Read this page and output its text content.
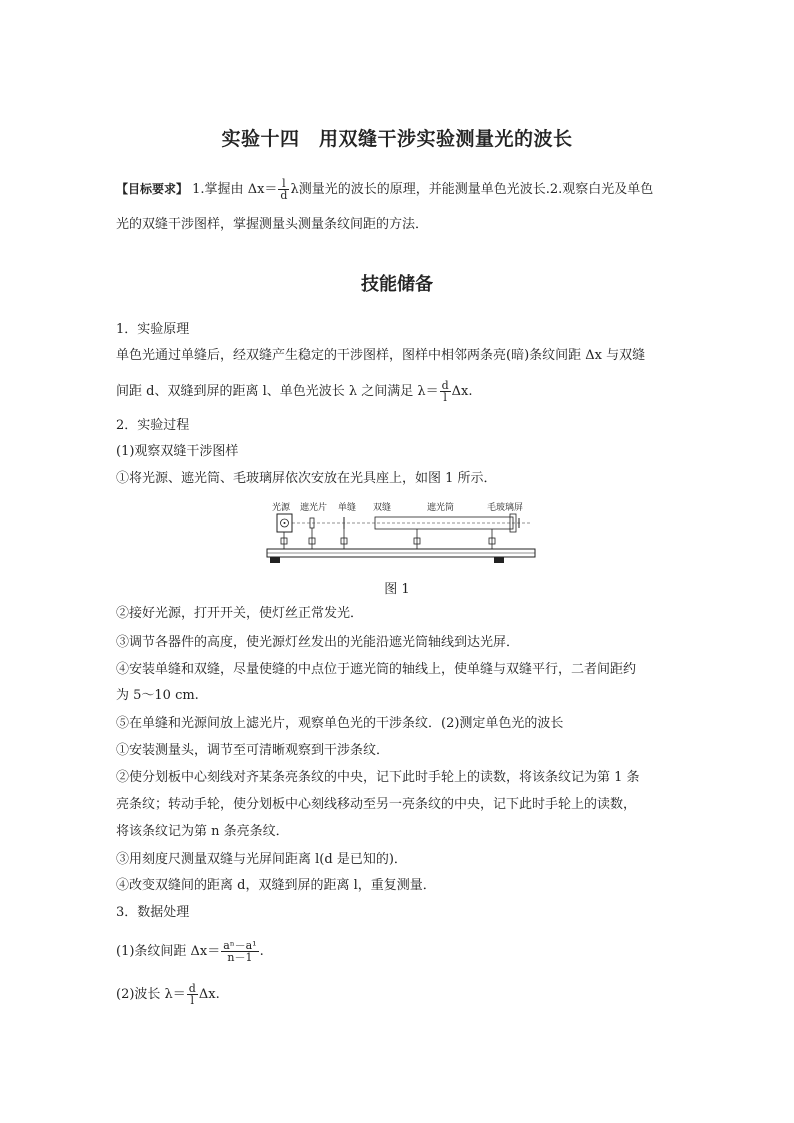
实验十四　用双缝干涉实验测量光的波长
【目标要求】 1.掌握由 $\Delta x= \frac{l}{d}$ λ测量光的波长的原理，并能测量单色光波长.2.观察白光及单色
光的双缝干涉图样，掌握测量头测量条纹间距的方法．
技能储备
1．实验原理
单色光通过单缝后，经双缝产生稳定的干涉图样，图样中相邻两条亮(暗)条纹间距 Δx 与双缝
间距 d、双缝到屏的距离 l、单色光波长 λ 之间满足 $\lambda= \frac{d}{l} \Delta x$.
2．实验过程
(1)观察双缝干涉图样
①将光源、遮光筒、毛玻璃屏依次安放在光具座上，如图 1 所示．
光源 遮光片 单缝 双缝	遮光筒	毛玻璃屏
图 1
②接好光源，打开开关，使灯丝正常发光．
③调节各器件的高度，使光源灯丝发出的光能沿遮光筒轴线到达光屏．
④安装单缝和双缝，尽量使缝的中点位于遮光筒的轴线上，使单缝与双缝平行，二者间距约
为 5～10 cm.
⑤在单缝和光源间放上滤光片，观察单色光的干涉条纹．(2)测定单色光的波长
①安装测量头，调节至可清晰观察到干涉条纹．
②使分划板中心刻线对齐某条亮条纹的中央，记下此时手轮上的读数，将该条纹记为第 1 条
亮条纹；转动手轮，使分划板中心刻线移动至另一亮条纹的中央，记下此时手轮上的读数，
将该条纹记为第 n 条亮条纹．
③用刻度尺测量双缝与光屏间距离 l(d 是已知的)．
④改变双缝间的距离 d，双缝到屏的距离 l，重复测量．
3．数据处理
(1)条纹间距 $\Delta x= \frac{\text{aⁿ－a¹}}{n-1}$ .
(2)波长 $\lambda= \frac{d}{l} \Delta x$.
